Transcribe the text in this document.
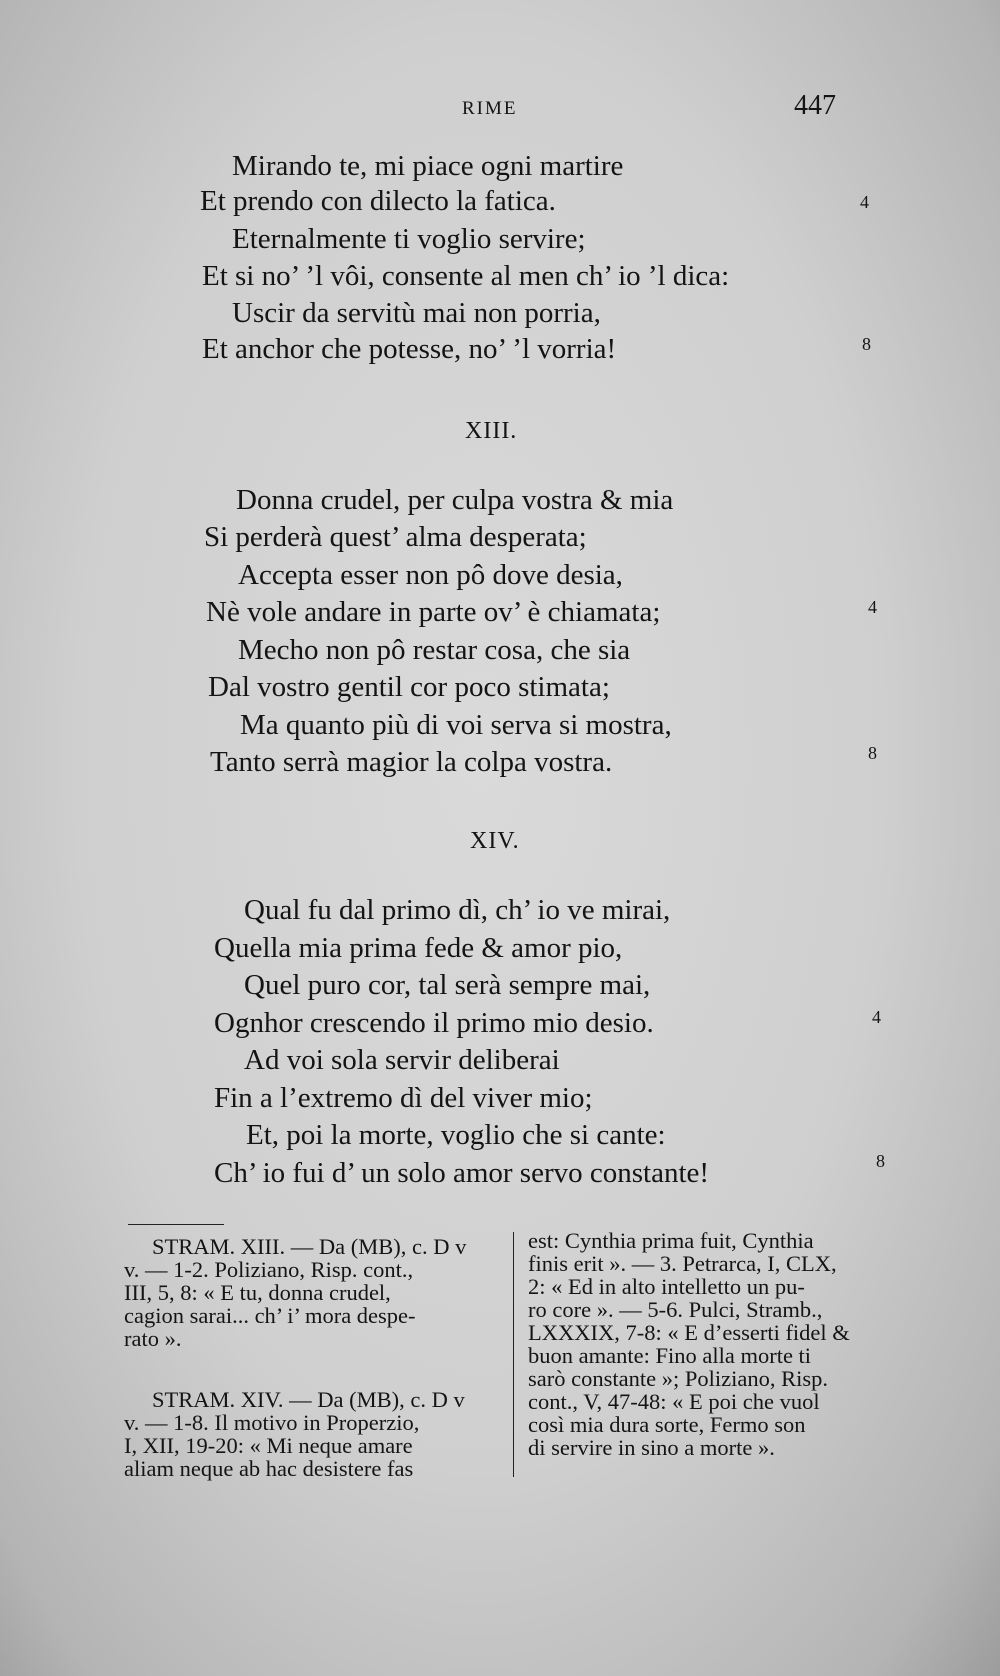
RIME	447
Mirando te, mi piace ogni martire
Et prendo con dilecto la fatica.	4
Eternalmente ti voglio servire;
Et si no’ ’l vôi, consente al men ch’ io ’l dica:
Uscir da servitù mai non porria,
Et anchor che potesse, no’ ’l vorria!	8
XIII.
Donna crudel, per culpa vostra & mia
Si perderà quest’ alma desperata;
Accepta esser non pô dove desia,
Nè vole andare in parte ov’ è chiamata;	4
Mecho non pô restar cosa, che sia
Dal vostro gentil cor poco stimata;
Ma quanto più di voi serva si mostra,
Tanto serrà magior la colpa vostra.	8
XIV.
Qual fu dal primo dì, ch’ io ve mirai,
Quella mia prima fede & amor pio,
Quel puro cor, tal serà sempre mai,
Ognhor crescendo il primo mio desio.	4
Ad voi sola servir deliberai
Fin a l’extremo dì del viver mio;
Et, poi la morte, voglio che si cante:
Ch’ io fui d’ un solo amor servo constante!	8
STRAM. XIII. — Da (MB), c. D v
v. — 1-2. Poliziano, Risp. cont.,
III, 5, 8: « E tu, donna crudel,
cagion sarai... ch’ i’ mora despe-
rato ».
STRAM. XIV. — Da (MB), c. D v
v. — 1-8. Il motivo in Properzio,
I, XII, 19-20: « Mi neque amare
aliam neque ab hac desistere fas
est: Cynthia prima fuit, Cynthia
finis erit ». — 3. Petrarca, I, CLX,
2: « Ed in alto intelletto un pu-
ro core ». — 5-6. Pulci, Stramb.,
LXXXIX, 7-8: « E d’esserti fidel &
buon amante: Fino alla morte ti
sarò constante »; Poliziano, Risp.
cont., V, 47-48: « E poi che vuol
così mia dura sorte, Fermo son
di servire in sino a morte ».
